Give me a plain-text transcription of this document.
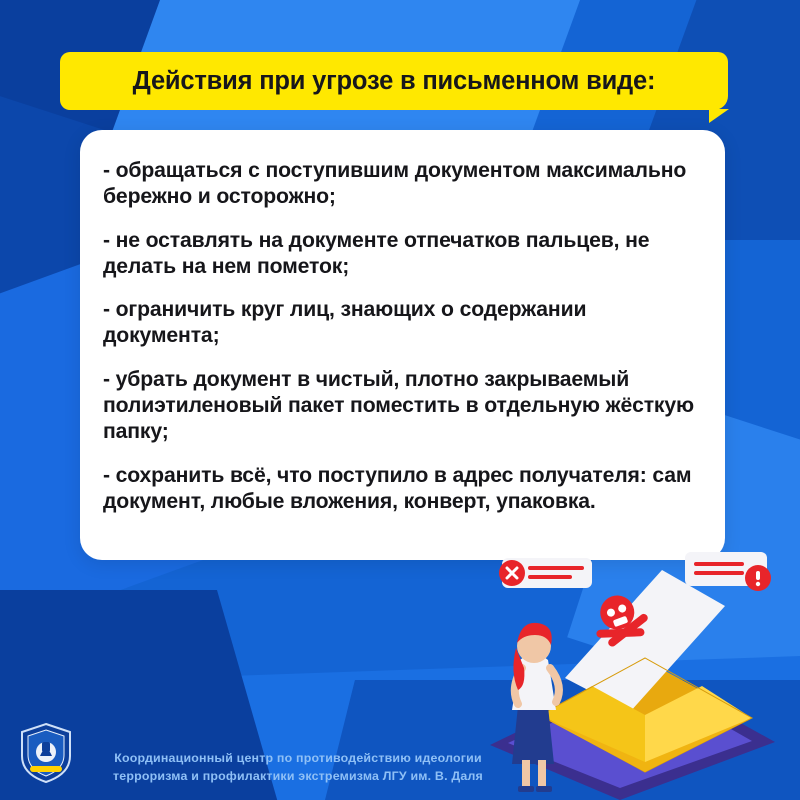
Действия при угрозе в письменном виде:
- обращаться с поступившим документом максимально бережно и осторожно;
- не оставлять на документе отпечатков пальцев, не делать на нем пометок;
- ограничить круг лиц, знающих о содержании документа;
- убрать документ в чистый, плотно закрываемый полиэтиленовый пакет поместить в отдельную жёсткую папку;
- сохранить всё, что поступило в адрес получателя: сам документ, любые вложения, конверт, упаковка.
Координационный центр по противодействию идеологии терроризма и профилактики экстремизма ЛГУ им. В. Даля
